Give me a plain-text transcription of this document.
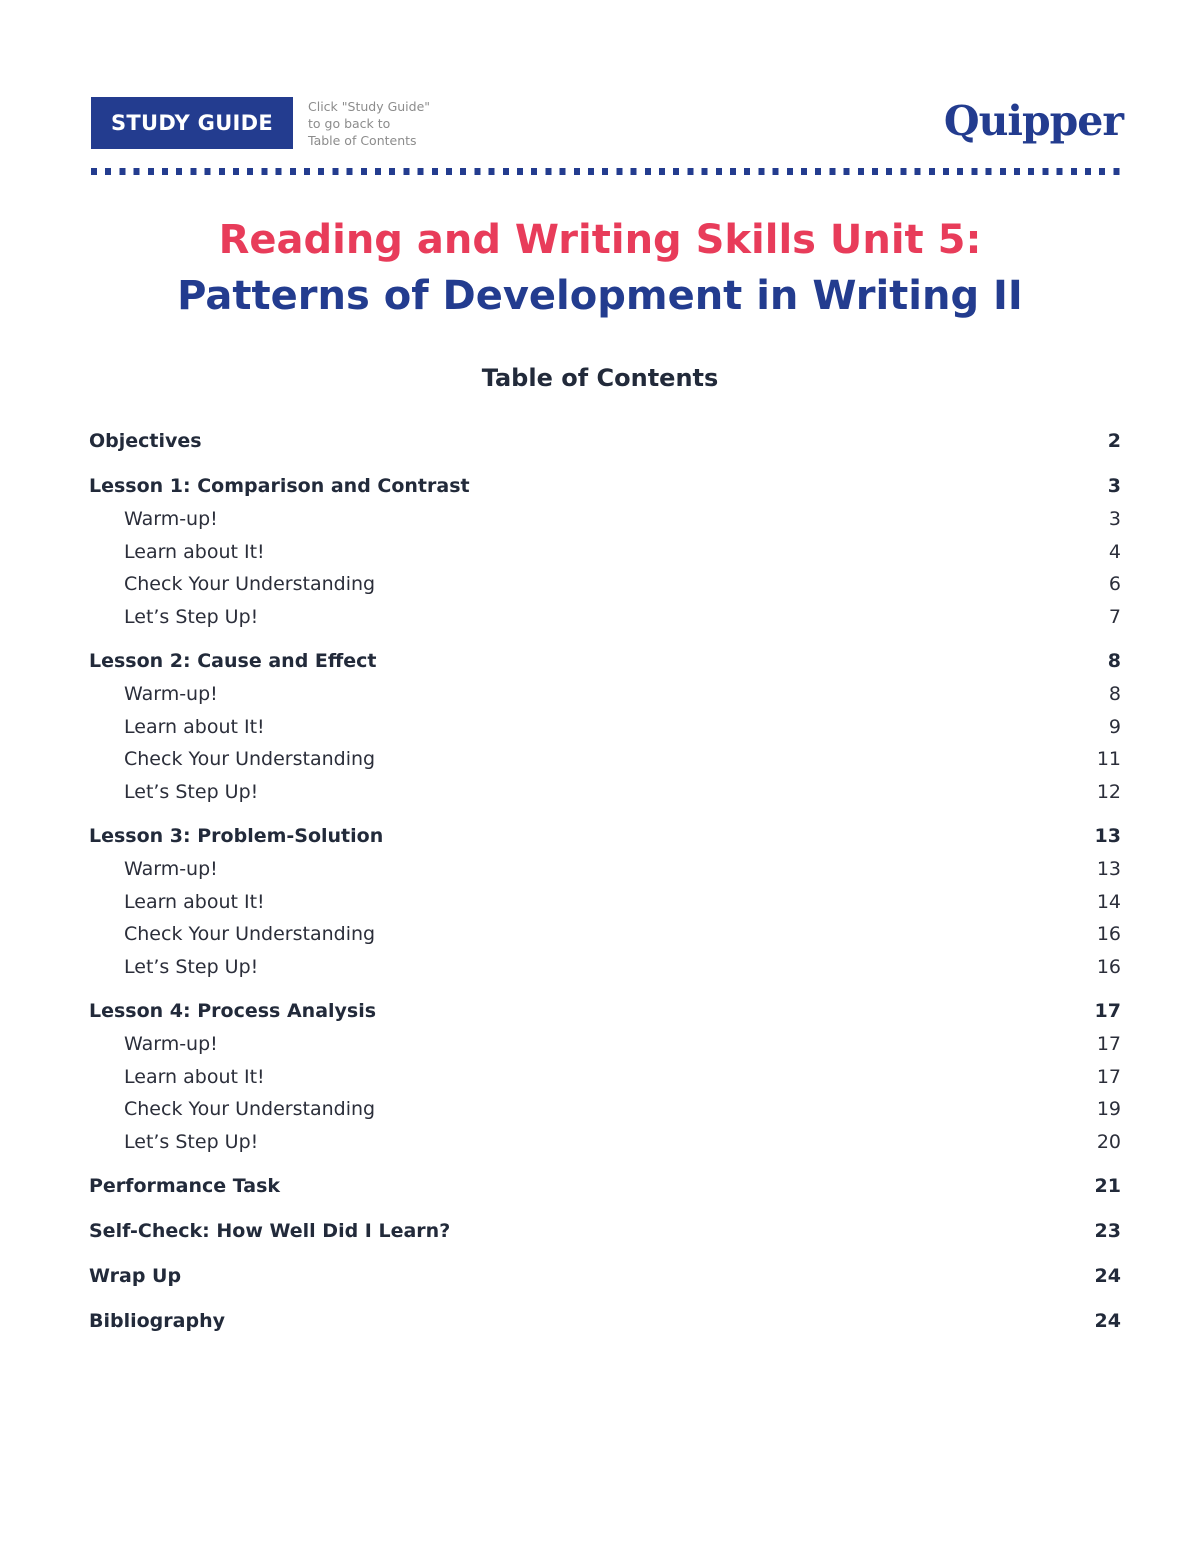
STUDY GUIDE
Click "Study Guide"
to go back to
Table of Contents	Quipper
Reading and Writing Skills Unit 5:
Patterns of Development in Writing II
Table of Contents
Objectives	2
Lesson 1: Comparison and Contrast	3
Warm-up!	3
Learn about It!	4
Check Your Understanding	6
Let’s Step Up!	7
Lesson 2: Cause and Effect	8
Warm-up!	8
Learn about It!	9
Check Your Understanding	11
Let’s Step Up!	12
Lesson 3: Problem-Solution	13
Warm-up!	13
Learn about It!	14
Check Your Understanding	16
Let’s Step Up!	16
Lesson 4: Process Analysis	17
Warm-up!	17
Learn about It!	17
Check Your Understanding	19
Let’s Step Up!	20
Performance Task	21
Self-Check: How Well Did I Learn?	23
Wrap Up	24
Bibliography	24
